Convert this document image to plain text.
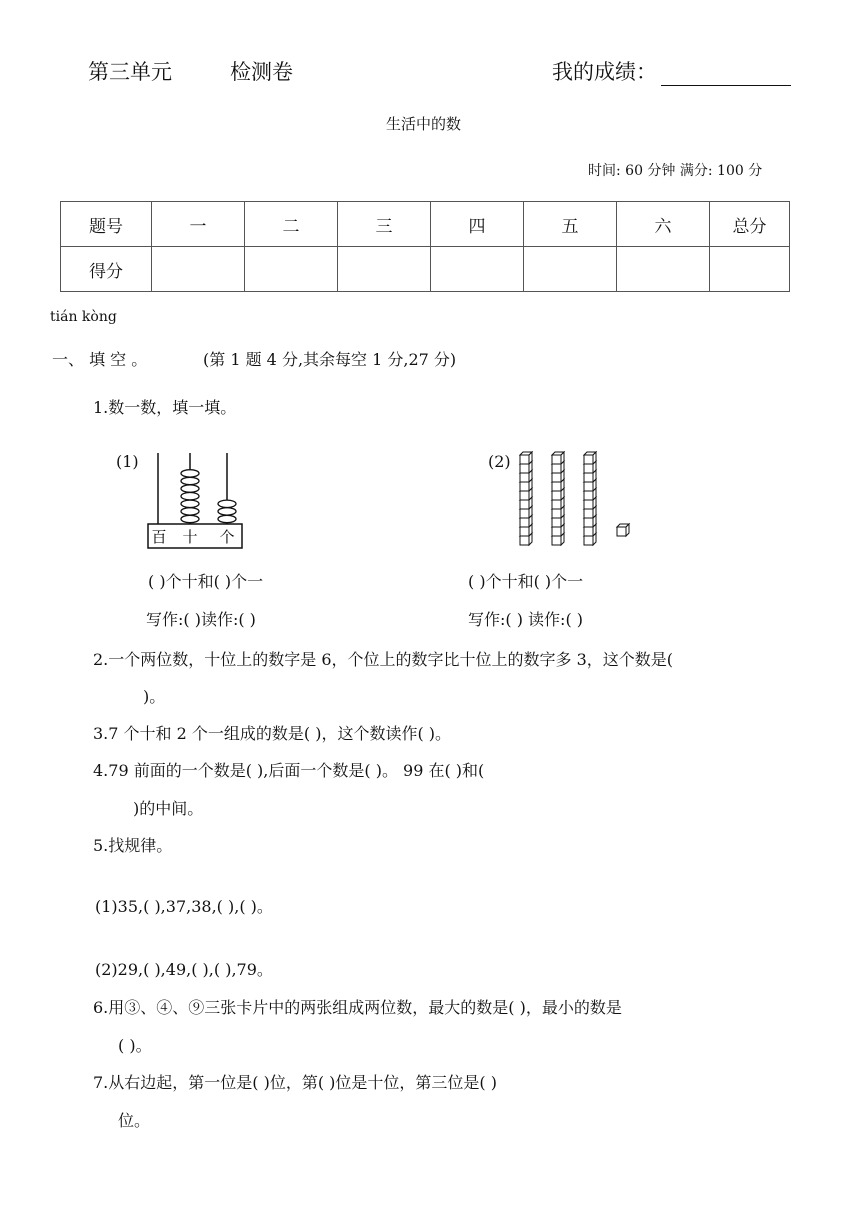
第三单元	检测卷	我的成绩：
生活中的数
时间: 60 分钟 满分: 100 分
题号	一	二	三	四	五	六	总分
得分							
tián kòng
一、 填 空 。	(第 1 题 4 分,其余每空 1 分,27 分)
1.数一数，填一填。
(1)
百 十 个
(2)
( )个十和( )个一
写作:( )读作:( )
( )个十和( )个一
写作:( ) 读作:( )
2.一个两位数，十位上的数字是 6，个位上的数字比十位上的数字多 3，这个数是(
)。
3.7 个十和 2 个一组成的数是( )，这个数读作( )。
4.79 前面的一个数是( ),后面一个数是( )。 99 在( )和(
)的中间。
5.找规律。
(1)35,( ),37,38,( ),( )。
(2)29,( ),49,( ),( ),79。
6.用③、④、⑨三张卡片中的两张组成两位数，最大的数是( )，最小的数是
( )。
7.从右边起，第一位是( )位，第( )位是十位，第三位是( )
位。
